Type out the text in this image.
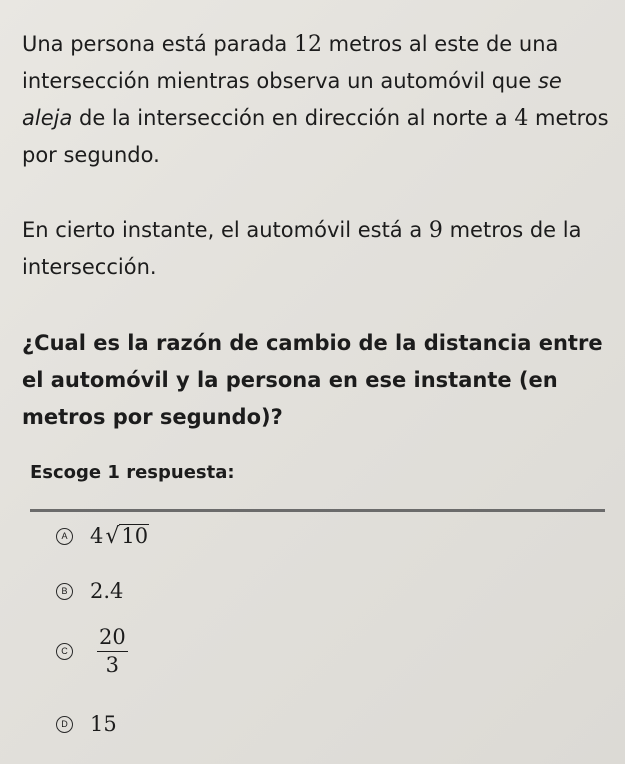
Una persona está parada 12 metros al este de una intersección mientras observa un automóvil que se aleja de la intersección en dirección al norte a 4 metros por segundo.

En cierto instante, el automóvil está a 9 metros de la intersección.

¿Cual es la razón de cambio de la distancia entre el automóvil y la persona en ese instante (en metros por segundo)?

Escoge 1 respuesta:

A 4 √ 10
B 2.4
C $\frac{20}{3}$
D 15
